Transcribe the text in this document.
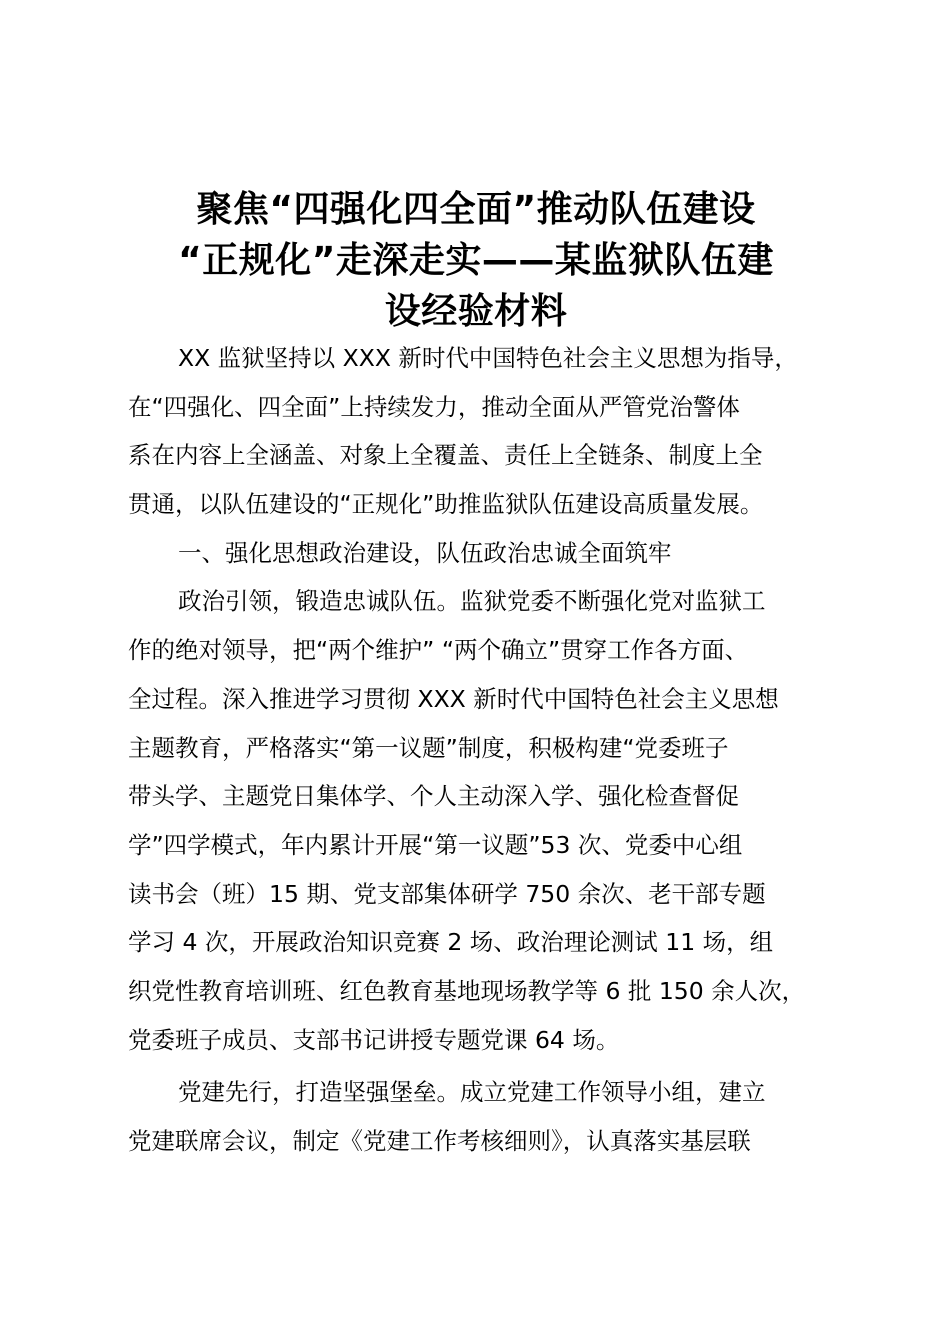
聚焦“四强化四全面”推动队伍建设
“正规化”走深走实——某监狱队伍建
设经验材料
XX 监狱坚持以 XXX 新时代中国特色社会主义思想为指导，
在“四强化、四全面”上持续发力，推动全面从严管党治警体
系在内容上全涵盖、对象上全覆盖、责任上全链条、制度上全
贯通，以队伍建设的“正规化”助推监狱队伍建设高质量发展。
一、强化思想政治建设，队伍政治忠诚全面筑牢
政治引领，锻造忠诚队伍。监狱党委不断强化党对监狱工
作的绝对领导，把“两个维护” “两个确立”贯穿工作各方面、
全过程。深入推进学习贯彻 XXX 新时代中国特色社会主义思想
主题教育，严格落实“第一议题”制度，积极构建“党委班子
带头学、主题党日集体学、个人主动深入学、强化检查督促
学”四学模式，年内累计开展“第一议题”53 次、党委中心组
读书会（班）15 期、党支部集体研学 750 余次、老干部专题
学习 4 次，开展政治知识竞赛 2 场、政治理论测试 11 场，组
织党性教育培训班、红色教育基地现场教学等 6 批 150 余人次，
党委班子成员、支部书记讲授专题党课 64 场。
党建先行，打造坚强堡垒。成立党建工作领导小组，建立
党建联席会议，制定《党建工作考核细则》，认真落实基层联
